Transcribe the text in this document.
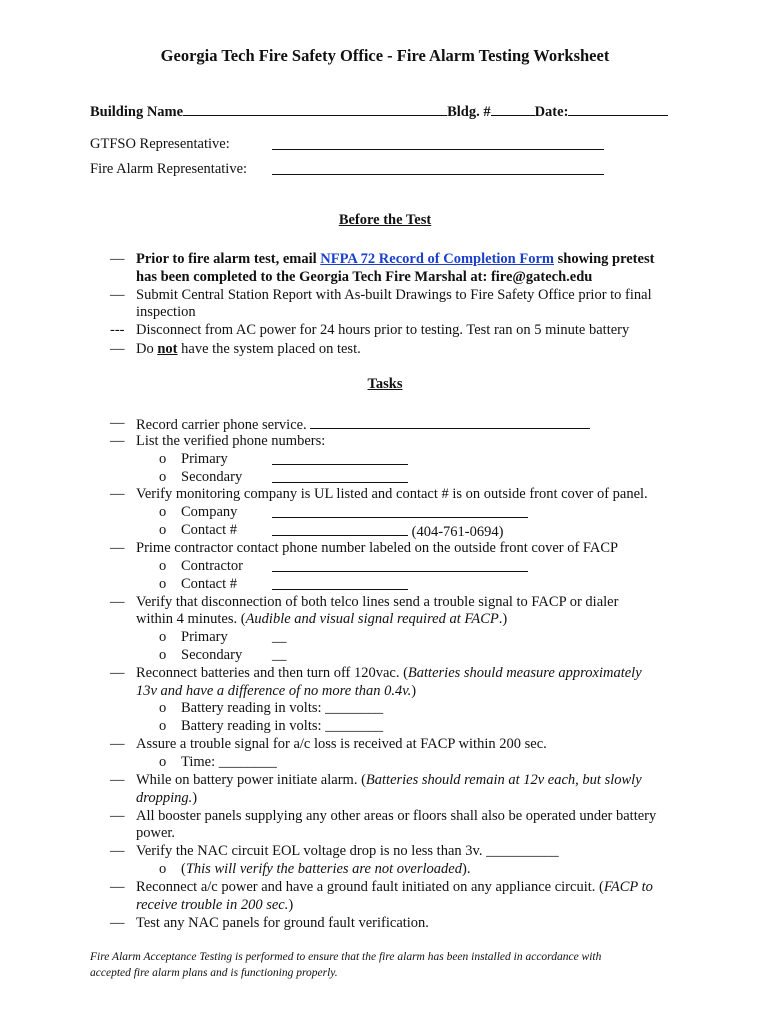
Georgia Tech Fire Safety Office - Fire Alarm Testing Worksheet
Building Name	Bldg. #	Date:
GTFSO Representative:
Fire Alarm Representative:
Before the Test
— Prior to fire alarm test, email NFPA 72 Record of Completion Form showing pretest
has been completed to the Georgia Tech Fire Marshal at: fire@gatech.edu
— Submit Central Station Report with As-built Drawings to Fire Safety Office prior to final
inspection
--- Disconnect from AC power for 24 hours prior to testing. Test ran on 5 minute battery
— Do not have the system placed on test.
Tasks
— Record carrier phone service.
— List the verified phone numbers:
o Primary
o Secondary
— Verify monitoring company is UL listed and contact # is on outside front cover of panel.
o Company
o Contact #	(404-761-0694)
— Prime contractor contact phone number labeled on the outside front cover of FACP
o Contractor
o Contact #
— Verify that disconnection of both telco lines send a trouble signal to FACP or dialer
within 4 minutes. (Audible and visual signal required at FACP.)
o Primary	__
o Secondary __
— Reconnect batteries and then turn off 120vac. (Batteries should measure approximately
13v and have a difference of no more than 0.4v.)
o Battery reading in volts: ________
o Battery reading in volts: ________
— Assure a trouble signal for a/c loss is received at FACP within 200 sec.
o Time: ________
— While on battery power initiate alarm. (Batteries should remain at 12v each, but slowly
dropping.)
— All booster panels supplying any other areas or floors shall also be operated under battery
power.
— Verify the NAC circuit EOL voltage drop is no less than 3v. __________
o (This will verify the batteries are not overloaded).
— Reconnect a/c power and have a ground fault initiated on any appliance circuit. (FACP to
receive trouble in 200 sec.)
— Test any NAC panels for ground fault verification.
Fire Alarm Acceptance Testing is performed to ensure that the fire alarm has been installed in accordance with
accepted fire alarm plans and is functioning properly.
